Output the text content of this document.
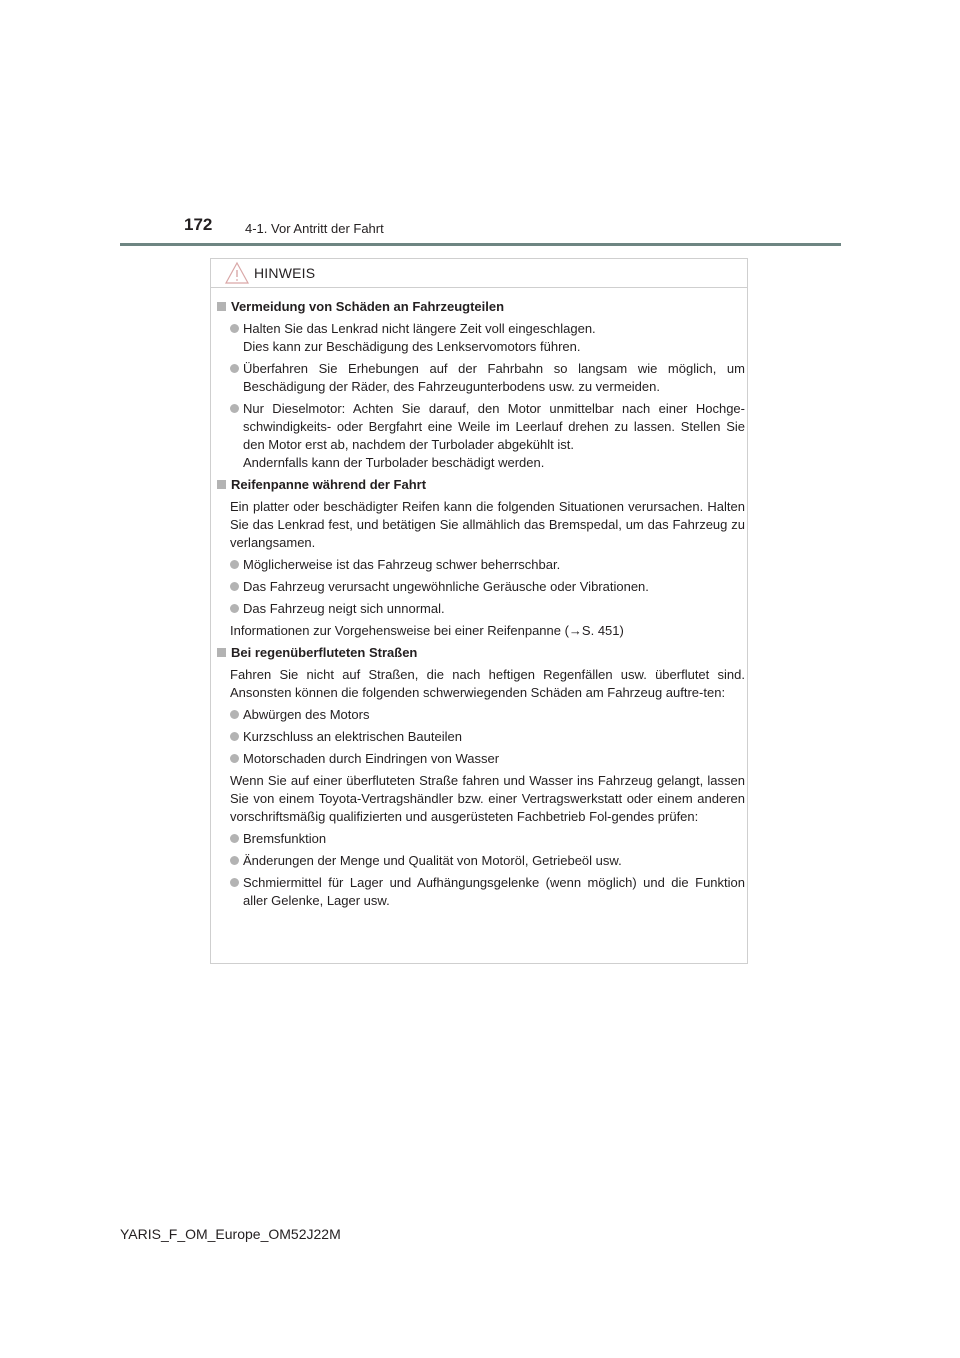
172	4-1. Vor Antritt der Fahrt
HINWEIS
Vermeidung von Schäden an Fahrzeugteilen
Halten Sie das Lenkrad nicht längere Zeit voll eingeschlagen.
Dies kann zur Beschädigung des Lenkservomotors führen.
Überfahren Sie Erhebungen auf der Fahrbahn so langsam wie möglich, um Beschädigung der Räder, des Fahrzeugunterbodens usw. zu vermeiden.
Nur Dieselmotor: Achten Sie darauf, den Motor unmittelbar nach einer Hochge-schwindigkeits- oder Bergfahrt eine Weile im Leerlauf drehen zu lassen. Stellen Sie den Motor erst ab, nachdem der Turbolader abgekühlt ist.
Andernfalls kann der Turbolader beschädigt werden.
Reifenpanne während der Fahrt
Ein platter oder beschädigter Reifen kann die folgenden Situationen verursachen. Halten Sie das Lenkrad fest, und betätigen Sie allmählich das Bremspedal, um das Fahrzeug zu verlangsamen.
Möglicherweise ist das Fahrzeug schwer beherrschbar.
Das Fahrzeug verursacht ungewöhnliche Geräusche oder Vibrationen.
Das Fahrzeug neigt sich unnormal.
Informationen zur Vorgehensweise bei einer Reifenpanne (→S. 451)
Bei regenüberfluteten Straßen
Fahren Sie nicht auf Straßen, die nach heftigen Regenfällen usw. überflutet sind. Ansonsten können die folgenden schwerwiegenden Schäden am Fahrzeug auftre-ten:
Abwürgen des Motors
Kurzschluss an elektrischen Bauteilen
Motorschaden durch Eindringen von Wasser
Wenn Sie auf einer überfluteten Straße fahren und Wasser ins Fahrzeug gelangt, lassen Sie von einem Toyota-Vertragshändler bzw. einer Vertragswerkstatt oder einem anderen vorschriftsmäßig qualifizierten und ausgerüsteten Fachbetrieb Fol-gendes prüfen:
Bremsfunktion
Änderungen der Menge und Qualität von Motoröl, Getriebeöl usw.
Schmiermittel für Lager und Aufhängungsgelenke (wenn möglich) und die Funktion aller Gelenke, Lager usw.
YARIS_F_OM_Europe_OM52J22M
